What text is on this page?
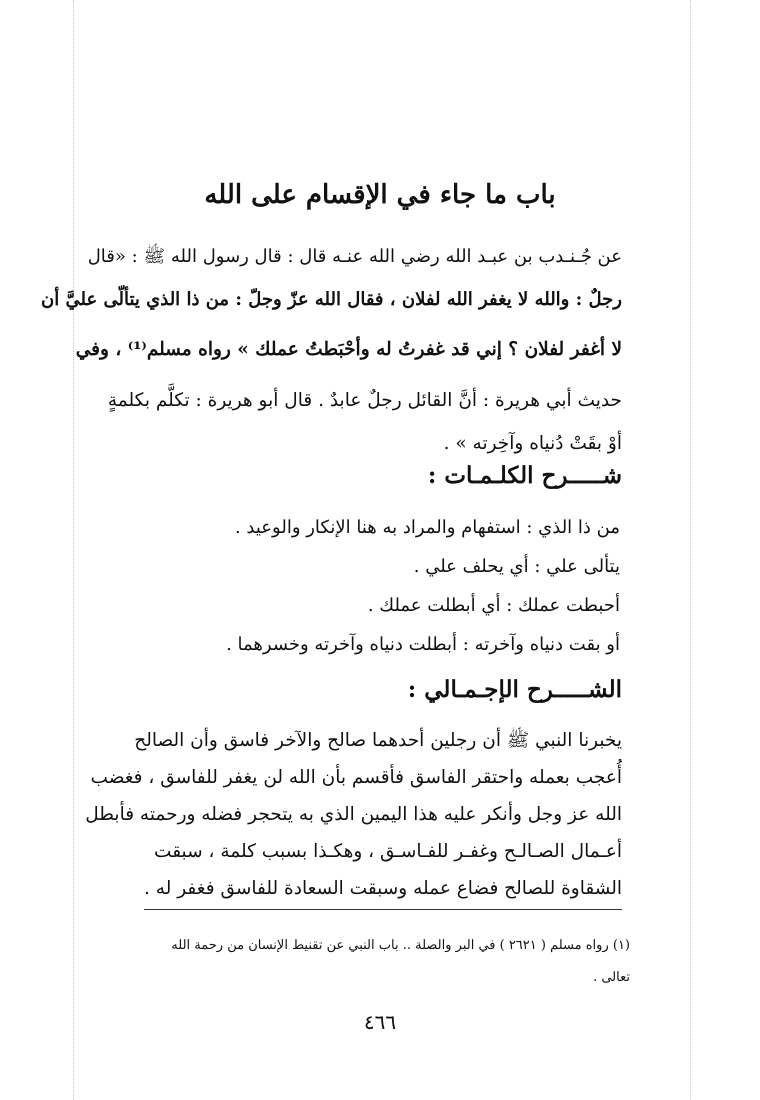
باب ما جاء في الإقسام على الله
عن جُـنـدب بن عبـد الله رضي الله عنـه قال : قال رسول الله ﷺ : «قال
رجلٌ : والله لا يغفر الله لفلان ، فقال الله عزّ وجلّ : من ذا الذي يتألّى عليَّ أن
لا أغفر لفلان ؟ إني قد غفرتُ له وأحْبَطتُ عملك » رواه مسلم⁽¹⁾ ، وفي
حديث أبي هريرة : أنَّ القائل رجلٌ عابدٌ . قال أبو هريرة : تكلَّم بكلمةٍ
أوْ بقَتْ دُنياه وآخِرته » .
شـــــرح الكلـمـات :
من ذا الذي : استفهام والمراد به هنا الإنكار والوعيد .
يتألى علي : أي يحلف علي .
أحبطت عملك : أي أبطلت عملك .
أو بقت دنياه وآخرته : أبطلت دنياه وآخرته وخسرهما .
الشـــــرح الإجـمـالي :
يخبرنا النبي ﷺ أن رجلين أحدهما صالح والآخر فاسق وأن الصالح
أُعجب بعمله واحتقر الفاسق فأقسم بأن الله لن يغفر للفاسق ، فغضب
الله عز وجل وأنكر عليه هذا اليمين الذي به يتحجر فضله ورحمته فأبطل
أعـمال الصـالـح وغفـر للفـاسـق ، وهكـذا بسبب كلمة ، سبقت
الشقاوة للصالح فضاع عمله وسبقت السعادة للفاسق فغفر له .
(١) رواه مسلم ( ٢٦٢١ ) في البر والصلة .. باب النبي عن تقنيط الإنسان من رحمة الله
تعالى .
٤٦٦
